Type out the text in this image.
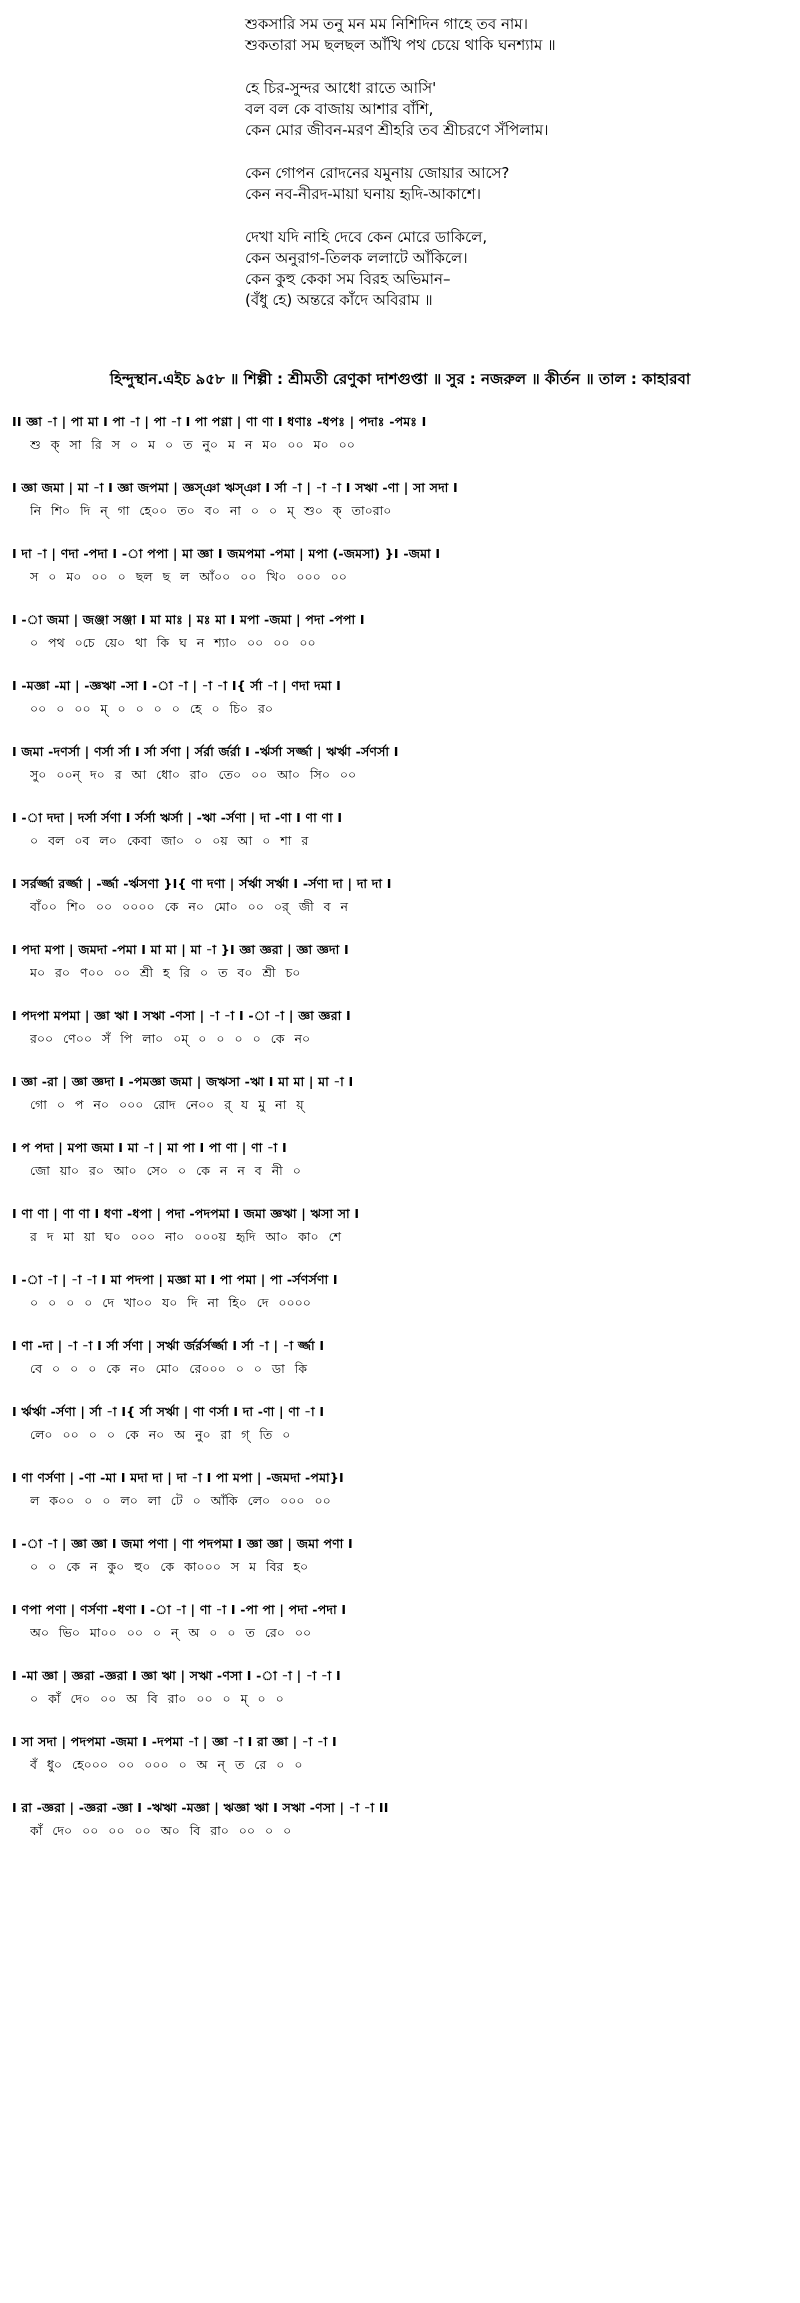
শুকসারি সম তনু মন মম নিশিদিন গাহে তব নাম।
শুকতারা সম ছলছল আঁখি পথ চেয়ে থাকি ঘনশ্যাম ॥
হে চির-সুন্দর আধো রাতে আসি'
বল বল কে বাজায় আশার বাঁশি,
কেন মোর জীবন-মরণ শ্রীহরি তব শ্রীচরণে সঁপিলাম।
কেন গোপন রোদনের যমুনায় জোয়ার আসে?
কেন নব-নীরদ-মায়া ঘনায় হৃদি-আকাশে।
দেখা যদি নাহি দেবে কেন মোরে ডাকিলে,
কেন অনুরাগ-তিলক ললাটে আঁকিলে।
কেন কুহু কেকা সম বিরহ অভিমান–
(বঁধু হে) অন্তরে কাঁদে অবিরাম ॥
হিন্দুস্থান.এইচ ৯৫৮ ॥ শিল্পী : শ্রীমতী রেণুকা দাশগুপ্তা ॥ সুর : নজরুল ॥ কীর্তন ॥ তাল : কাহারবা
II জ্ঞা -া | পা মা I পা -া | পা -া I পা পণ্ণা | ণা ণা I ধণাঃ -ধপঃ | পদাঃ -পমঃ I
শু ক্ সা রি স ০ ম ০ ত নু০ ম ন ম০ ০০ ম০ ০০
I জ্ঞা জমা | মা -া I জ্ঞা জপমা | জ্ঞস্ঞা ঋস্ঞা I র্সা -া | -া -া I সঋা -ণা | সা সদা I
নি শি০ দি ন্ গা হে০০ ত০ ব০ না ০ ০ ম্ শু০ ক্ তা০রা০
I দা -া | ণদা -পদা I -া পপা | মা জ্ঞা I জমপমা -পমা | মপা (-জমসা) }I -জমা I
স ০ ম০ ০০ ০ ছল ছ ল আঁ০০ ০০ খি০ ০০০ ০০
I -া জমা | জঞ্জা সঞ্জা I মা মাঃ | মঃ মা I মপা -জমা | পদা -পপা I
০ পথ ০চে য়ে০ থা কি ঘ ন শ্যা০ ০০ ০০ ০০
I -মজ্ঞা -মা | -জ্ঞঋা -সা I -া -া | -া -া I{ র্সা -া | ণদা দমা I
০০ ০ ০০ ম্ ০ ০ ০ ০ হে ০ চি০ র০
I জমা -দণর্সা | ণর্সা র্সা I র্সা র্সণা | র্সর্রা র্জর্রা I -র্ঋর্সা সর্জ্জা | ঋর্ঋা -র্সণর্সা I
সু০ ০০ন্ দ০ র আ ধো০ রা০ তে০ ০০ আ০ সি০ ০০
I -া দদা | দর্সা র্সণা I র্সর্সা ঋর্সা | -ঋা -র্সণা | দা -ণা I ণা ণা I
০ বল ০ব ল০ কেবা জা০ ০ ০য় আ ০ শা র
I সর্রর্জ্জা রর্জ্জা | -র্জ্জা -র্ঋসণা }I{ ণা দণা | র্সর্ঋা সর্ঋা I -র্সণা দা | দা দা I
বাঁ০০ শি০ ০০ ০০০০ কে ন০ মো০ ০০ ০র্ জী ব ন
I পদা মপা | জমদা -পমা I মা মা | মা -া }I জ্ঞা জ্ঞরা | জ্ঞা জ্ঞদা I
ম০ র০ ণ০০ ০০ শ্রী হ রি ০ ত ব০ শ্রী চ০
I পদপা মপমা | জ্ঞা ঋা I সঋা -ণসা | -া -া I -া -া | জ্ঞা জ্ঞরা I
র০০ ণে০০ সঁ পি লা০ ০ম্ ০ ০ ০ ০ কে ন০
I জ্ঞা -রা | জ্ঞা জ্ঞদা I -পমজ্ঞা জমা | জঋসা -ঋা I মা মা | মা -া I
গো ০ প ন০ ০০০ রোদ নে০০ র্ য মু না য়্
I প পদা | মপা জমা I মা -া | মা পা I পা ণা | ণা -া I
জো য়া০ র০ আ০ সে০ ০ কে ন ন ব নী ০
I ণা ণা | ণা ণা I ধণা -ধপা | পদা -পদপমা I জমা জ্ঞঋা | ঋসা সা I
র দ মা য়া ঘ০ ০০০ না০ ০০০য় হৃদি আ০ কা০ শে
I -া -া | -া -া I মা পদপা | মজ্ঞা মা I পা পমা | পা -র্সণর্সণা I
০ ০ ০ ০ দে খা০০ য০ দি না হি০ দে ০০০০
I ণা -দা | -া -া I র্সা র্সণা | সর্ঋা র্জর্রর্সর্জ্জা I র্সা -া | -া র্জ্জা I
বে ০ ০ ০ কে ন০ মো০ রে০০০ ০ ০ ডা কি
I র্ঋর্ঋা -র্সণা | র্সা -া I{ র্সা সর্ঋা | ণা ণর্সা I দা -ণা | ণা -া I
লে০ ০০ ০ ০ কে ন০ অ নু০ রা গ্ তি ০
I ণা ণর্সণা | -ণা -মা I মদা দা | দা -া I পা মপা | -জমদা -পমা}I
ল ক০০ ০ ০ ল০ লা টে ০ আঁকি লে০ ০০০ ০০
I -া -া | জ্ঞা জ্ঞা I জমা পণা | ণা পদপমা I জ্ঞা জ্ঞা | জমা পণা I
০ ০ কে ন কু০ হু০ কে কা০০০ স ম বির হ০
I ণপা পণা | ণর্সণা -ধণা I -া -া | ণা -া I -পা পা | পদা -পদা I
অ০ ভি০ মা০০ ০০ ০ ন্ অ ০ ০ ত রে০ ০০
I -মা জ্ঞা | জ্ঞরা -জ্ঞরা I জ্ঞা ঋা | সঋা -ণসা I -া -া | -া -া I
০ কাঁ দে০ ০০ অ বি রা০ ০০ ০ ম্ ০ ০
I সা সদা | পদপমা -জমা I -দপমা -া | জ্ঞা -া I রা জ্ঞা | -া -া I
বঁ ধু০ হে০০০ ০০ ০০০ ০ অ ন্ ত রে ০ ০
I রা -জ্ঞরা | -জ্ঞরা -জ্ঞা I -ঋঋা -মজ্ঞা | ঋজ্ঞা ঋা I সঋা -ণসা | -া -া II
কাঁ দে০ ০০ ০০ ০০ অ০ বি রা০ ০০ ০ ০
